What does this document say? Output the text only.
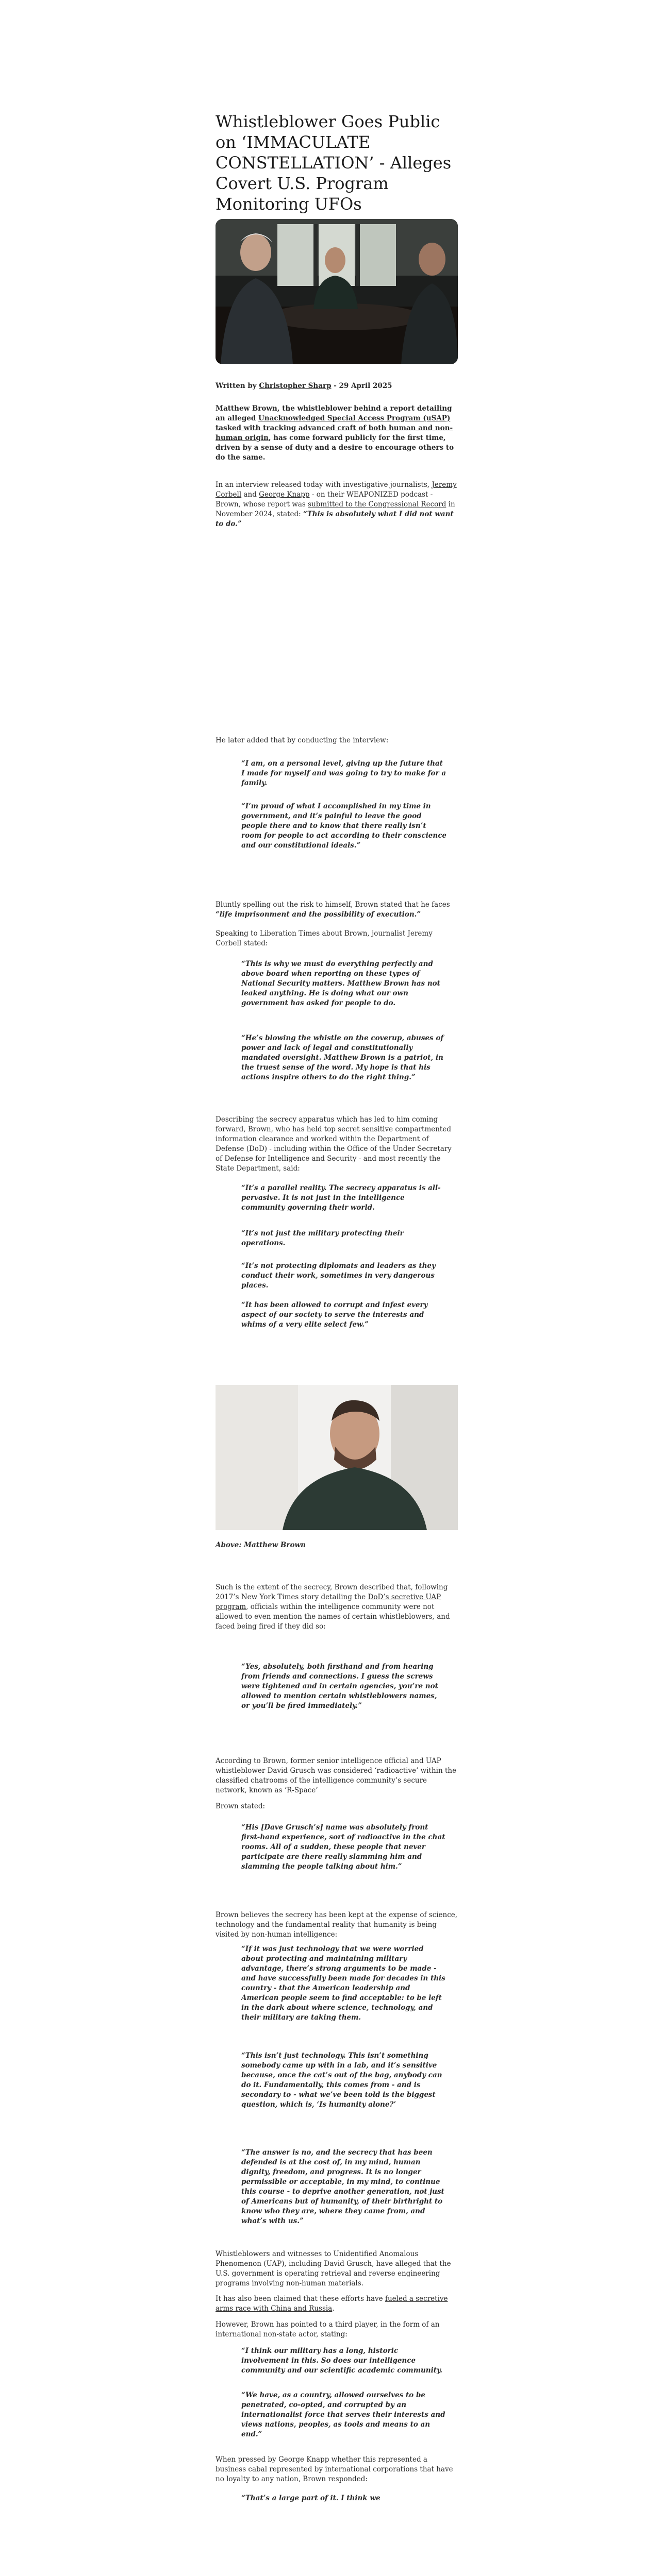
Whistleblower Goes Public on ‘IMMACULATE CONSTELLATION’ - Alleges Covert U.S. Program Monitoring UFOs

Written by Christopher Sharp - 29 April 2025

Matthew Brown, the whistleblower behind a report detailing an alleged Unacknowledged Special Access Program (uSAP) tasked with tracking advanced craft of both human and non-human origin, has come forward publicly for the first time, driven by a sense of duty and a desire to encourage others to do the same.

In an interview released today with investigative journalists, Jeremy Corbell and George Knapp - on their WEAPONIZED podcast - Brown, whose report was submitted to the Congressional Record in November 2024, stated: “This is absolutely what I did not want to do.”

He later added that by conducting the interview:

“I am, on a personal level, giving up the future that I made for myself and was going to try to make for a family.

“I’m proud of what I accomplished in my time in government, and it’s painful to leave the good people there and to know that there really isn’t room for people to act according to their conscience and our constitutional ideals.”

Bluntly spelling out the risk to himself, Brown stated that he faces “life imprisonment and the possibility of execution.”

Speaking to Liberation Times about Brown, journalist Jeremy Corbell stated:

“This is why we must do everything perfectly and above board when reporting on these types of National Security matters. Matthew Brown has not leaked anything. He is doing what our own government has asked for people to do.

“He’s blowing the whistle on the coverup, abuses of power and lack of legal and constitutionally mandated oversight. Matthew Brown is a patriot, in the truest sense of the word. My hope is that his actions inspire others to do the right thing.”

Describing the secrecy apparatus which has led to him coming forward, Brown, who has held top secret sensitive compartmented information clearance and worked within the Department of Defense (DoD) - including within the Office of the Under Secretary of Defense for Intelligence and Security - and most recently the State Department, said:

“It’s a parallel reality. The secrecy apparatus is all-pervasive. It is not just in the intelligence community governing their world.

“It’s not just the military protecting their operations.

“It’s not protecting diplomats and leaders as they conduct their work, sometimes in very dangerous places.

“It has been allowed to corrupt and infest every aspect of our society to serve the interests and whims of a very elite select few.”

Above: Matthew Brown

Such is the extent of the secrecy, Brown described that, following 2017’s New York Times story detailing the DoD’s secretive UAP program, officials within the intelligence community were not allowed to even mention the names of certain whistleblowers, and faced being fired if they did so:

“Yes, absolutely, both firsthand and from hearing from friends and connections. I guess the screws were tightened and in certain agencies, you’re not allowed to mention certain whistleblowers names, or you’ll be fired immediately.”

According to Brown, former senior intelligence official and UAP whistleblower David Grusch was considered ‘radioactive’ within the classified chatrooms of the intelligence community’s secure network, known as ‘R-Space’

Brown stated:

“His [Dave Grusch’s] name was absolutely front first-hand experience, sort of radioactive in the chat rooms. All of a sudden, these people that never participate are there really slamming him and slamming the people talking about him.”

Brown believes the secrecy has been kept at the expense of science, technology and the fundamental reality that humanity is being visited by non-human intelligence:

“If it was just technology that we were worried about protecting and maintaining military advantage, there’s strong arguments to be made - and have successfully been made for decades in this country - that the American leadership and American people seem to find acceptable: to be left in the dark about where science, technology, and their military are taking them.

“This isn’t just technology. This isn’t something somebody came up with in a lab, and it’s sensitive because, once the cat’s out of the bag, anybody can do it. Fundamentally, this comes from - and is secondary to - what we’ve been told is the biggest question, which is, ‘Is humanity alone?’

“The answer is no, and the secrecy that has been defended is at the cost of, in my mind, human dignity, freedom, and progress. It is no longer permissible or acceptable, in my mind, to continue this course - to deprive another generation, not just of Americans but of humanity, of their birthright to know who they are, where they came from, and what’s with us.”

Whistleblowers and witnesses to Unidentified Anomalous Phenomenon (UAP), including David Grusch, have alleged that the U.S. government is operating retrieval and reverse engineering programs involving non-human materials.

It has also been claimed that these efforts have fueled a secretive arms race with China and Russia.

However, Brown has pointed to a third player, in the form of an international non-state actor, stating:

“I think our military has a long, historic involvement in this. So does our intelligence community and our scientific academic community.

“We have, as a country, allowed ourselves to be penetrated, co-opted, and corrupted by an internationalist force that serves their interests and views nations, peoples, as tools and means to an end.”

When pressed by George Knapp whether this represented a business cabal represented by international corporations that have no loyalty to any nation, Brown responded:

“That’s a large part of it. I think we
